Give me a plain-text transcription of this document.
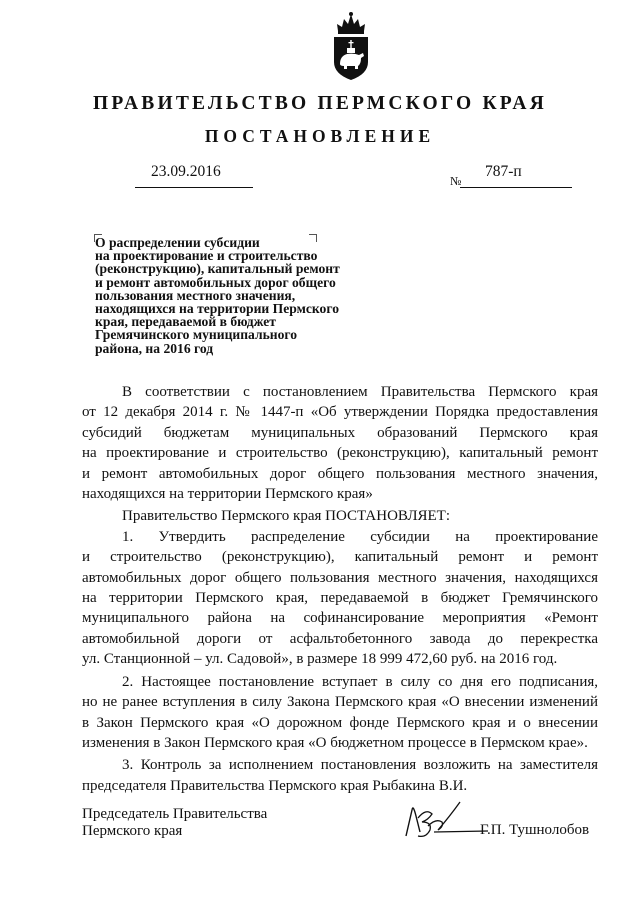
ПРАВИТЕЛЬСТВО ПЕРМСКОГО КРАЯ
ПОСТАНОВЛЕНИЕ
23.09.2016
№
787-п
О распределении субсидии
на проектирование и строительство
(реконструкцию), капитальный ремонт
и ремонт автомобильных дорог общего
пользования местного значения,
находящихся на территории Пермского
края, передаваемой в бюджет
Гремячинского муниципального
района, на 2016 год
В соответствии с постановлением Правительства Пермского края
от 12 декабря 2014 г. № 1447-п «Об утверждении Порядка предоставления
субсидий бюджетам муниципальных образований Пермского края
на проектирование и строительство (реконструкцию), капитальный ремонт
и ремонт автомобильных дорог общего пользования местного значения,
находящихся на территории Пермского края»
Правительство Пермского края ПОСТАНОВЛЯЕТ:
1. Утвердить распределение субсидии на проектирование
и строительство (реконструкцию), капитальный ремонт и ремонт
автомобильных дорог общего пользования местного значения, находящихся
на территории Пермского края, передаваемой в бюджет Гремячинского
муниципального района на софинансирование мероприятия «Ремонт
автомобильной дороги от асфальтобетонного завода до перекрестка
ул. Станционной – ул. Садовой», в размере 18 999 472,60 руб. на 2016 год.
2. Настоящее постановление вступает в силу со дня его подписания,
но не ранее вступления в силу Закона Пермского края «О внесении изменений
в Закон Пермского края «О дорожном фонде Пермского края и о внесении
изменения в Закон Пермского края «О бюджетном процессе в Пермском крае».
3. Контроль за исполнением постановления возложить на заместителя
председателя Правительства Пермского края Рыбакина В.И.
Председатель Правительства
Пермского края	Г.П. Тушнолобов
